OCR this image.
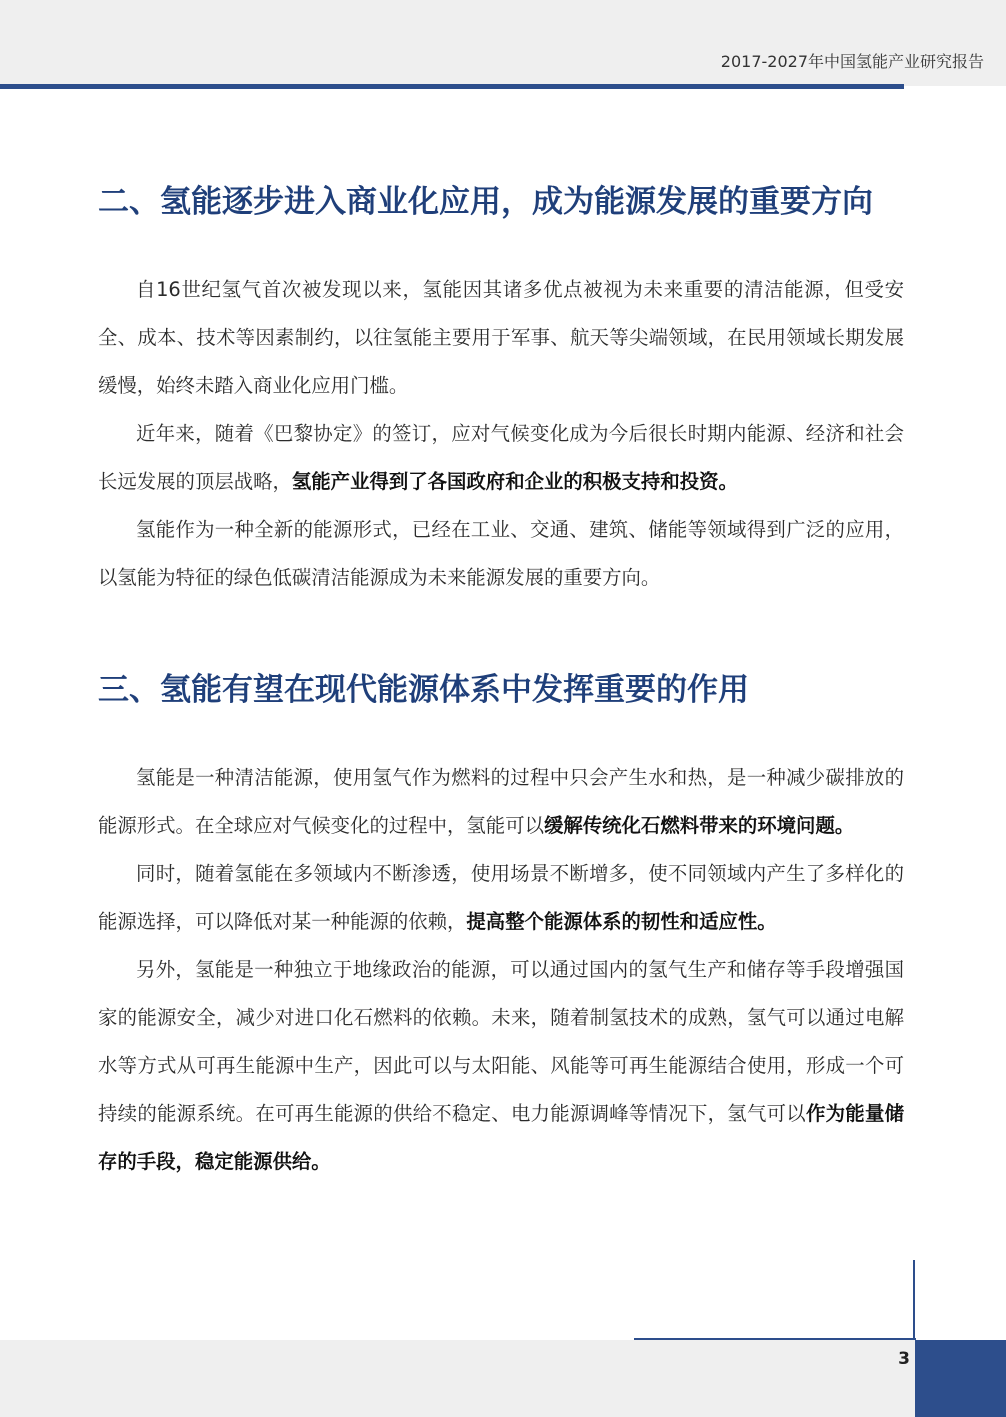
2017-2027年中国氢能产业研究报告
二、氢能逐步进入商业化应用，成为能源发展的重要方向

自16世纪氢气首次被发现以来，氢能因其诸多优点被视为未来重要的清洁能源，但受安全、成本、技术等因素制约，以往氢能主要用于军事、航天等尖端领域，在民用领域长期发展缓慢，始终未踏入商业化应用门槛。

近年来，随着《巴黎协定》的签订，应对气候变化成为今后很长时期内能源、经济和社会长远发展的顶层战略，氢能产业得到了各国政府和企业的积极支持和投资。

氢能作为一种全新的能源形式，已经在工业、交通、建筑、储能等领域得到广泛的应用，以氢能为特征的绿色低碳清洁能源成为未来能源发展的重要方向。

三、氢能有望在现代能源体系中发挥重要的作用

氢能是一种清洁能源，使用氢气作为燃料的过程中只会产生水和热，是一种减少碳排放的能源形式。在全球应对气候变化的过程中，氢能可以缓解传统化石燃料带来的环境问题。

同时，随着氢能在多领域内不断渗透，使用场景不断增多，使不同领域内产生了多样化的能源选择，可以降低对某一种能源的依赖，提高整个能源体系的韧性和适应性。

另外，氢能是一种独立于地缘政治的能源，可以通过国内的氢气生产和储存等手段增强国家的能源安全，减少对进口化石燃料的依赖。未来，随着制氢技术的成熟，氢气可以通过电解水等方式从可再生能源中生产，因此可以与太阳能、风能等可再生能源结合使用，形成一个可持续的能源系统。在可再生能源的供给不稳定、电力能源调峰等情况下，氢气可以作为能量储存的手段，稳定能源供给。

3
